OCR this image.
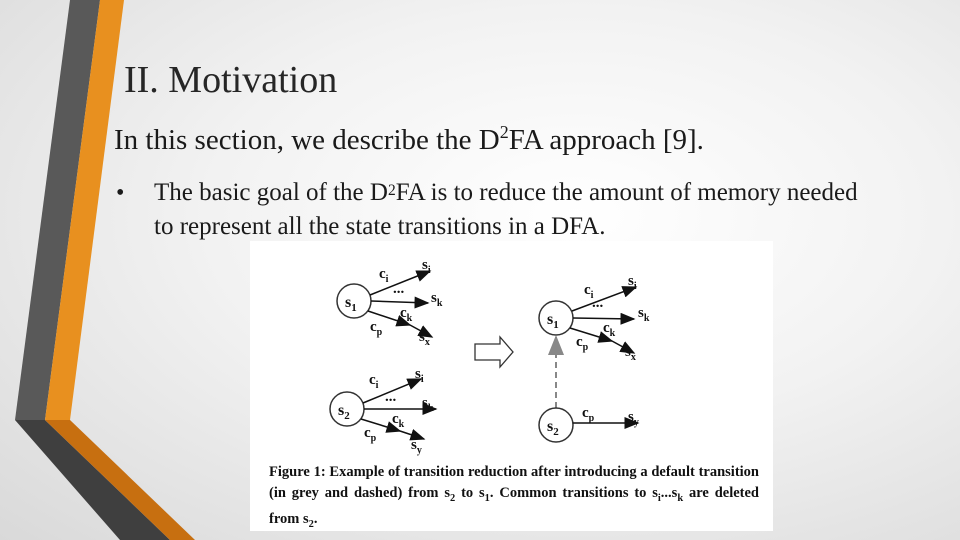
II. Motivation
In this section, we describe the $D^2FA$ approach [9].
•	The basic goal of the $D^2FA$ is to reduce the amount of memory needed to represent all the state transitions in a DFA.
$s_1$
$c_i$
...
$s_i$
$s_k$
$c_k$
$c_p$ $s_x$
$s_2$
$c_i$
...
$s_i$
$s_k$
$c_k$
$c_p$ $s_y$
$s_1$
$c_i$
...
$s_i$
$s_k$
$c_k$
$c_p$ $s_x$
$s_2$
$c_p$ $s_y$
Figure 1: Example of transition reduction after introducing a default transition (in grey and dashed) from $s_2$ to $s_1$. Common transitions to $s_i...s_k$ are deleted from $s_2$.
